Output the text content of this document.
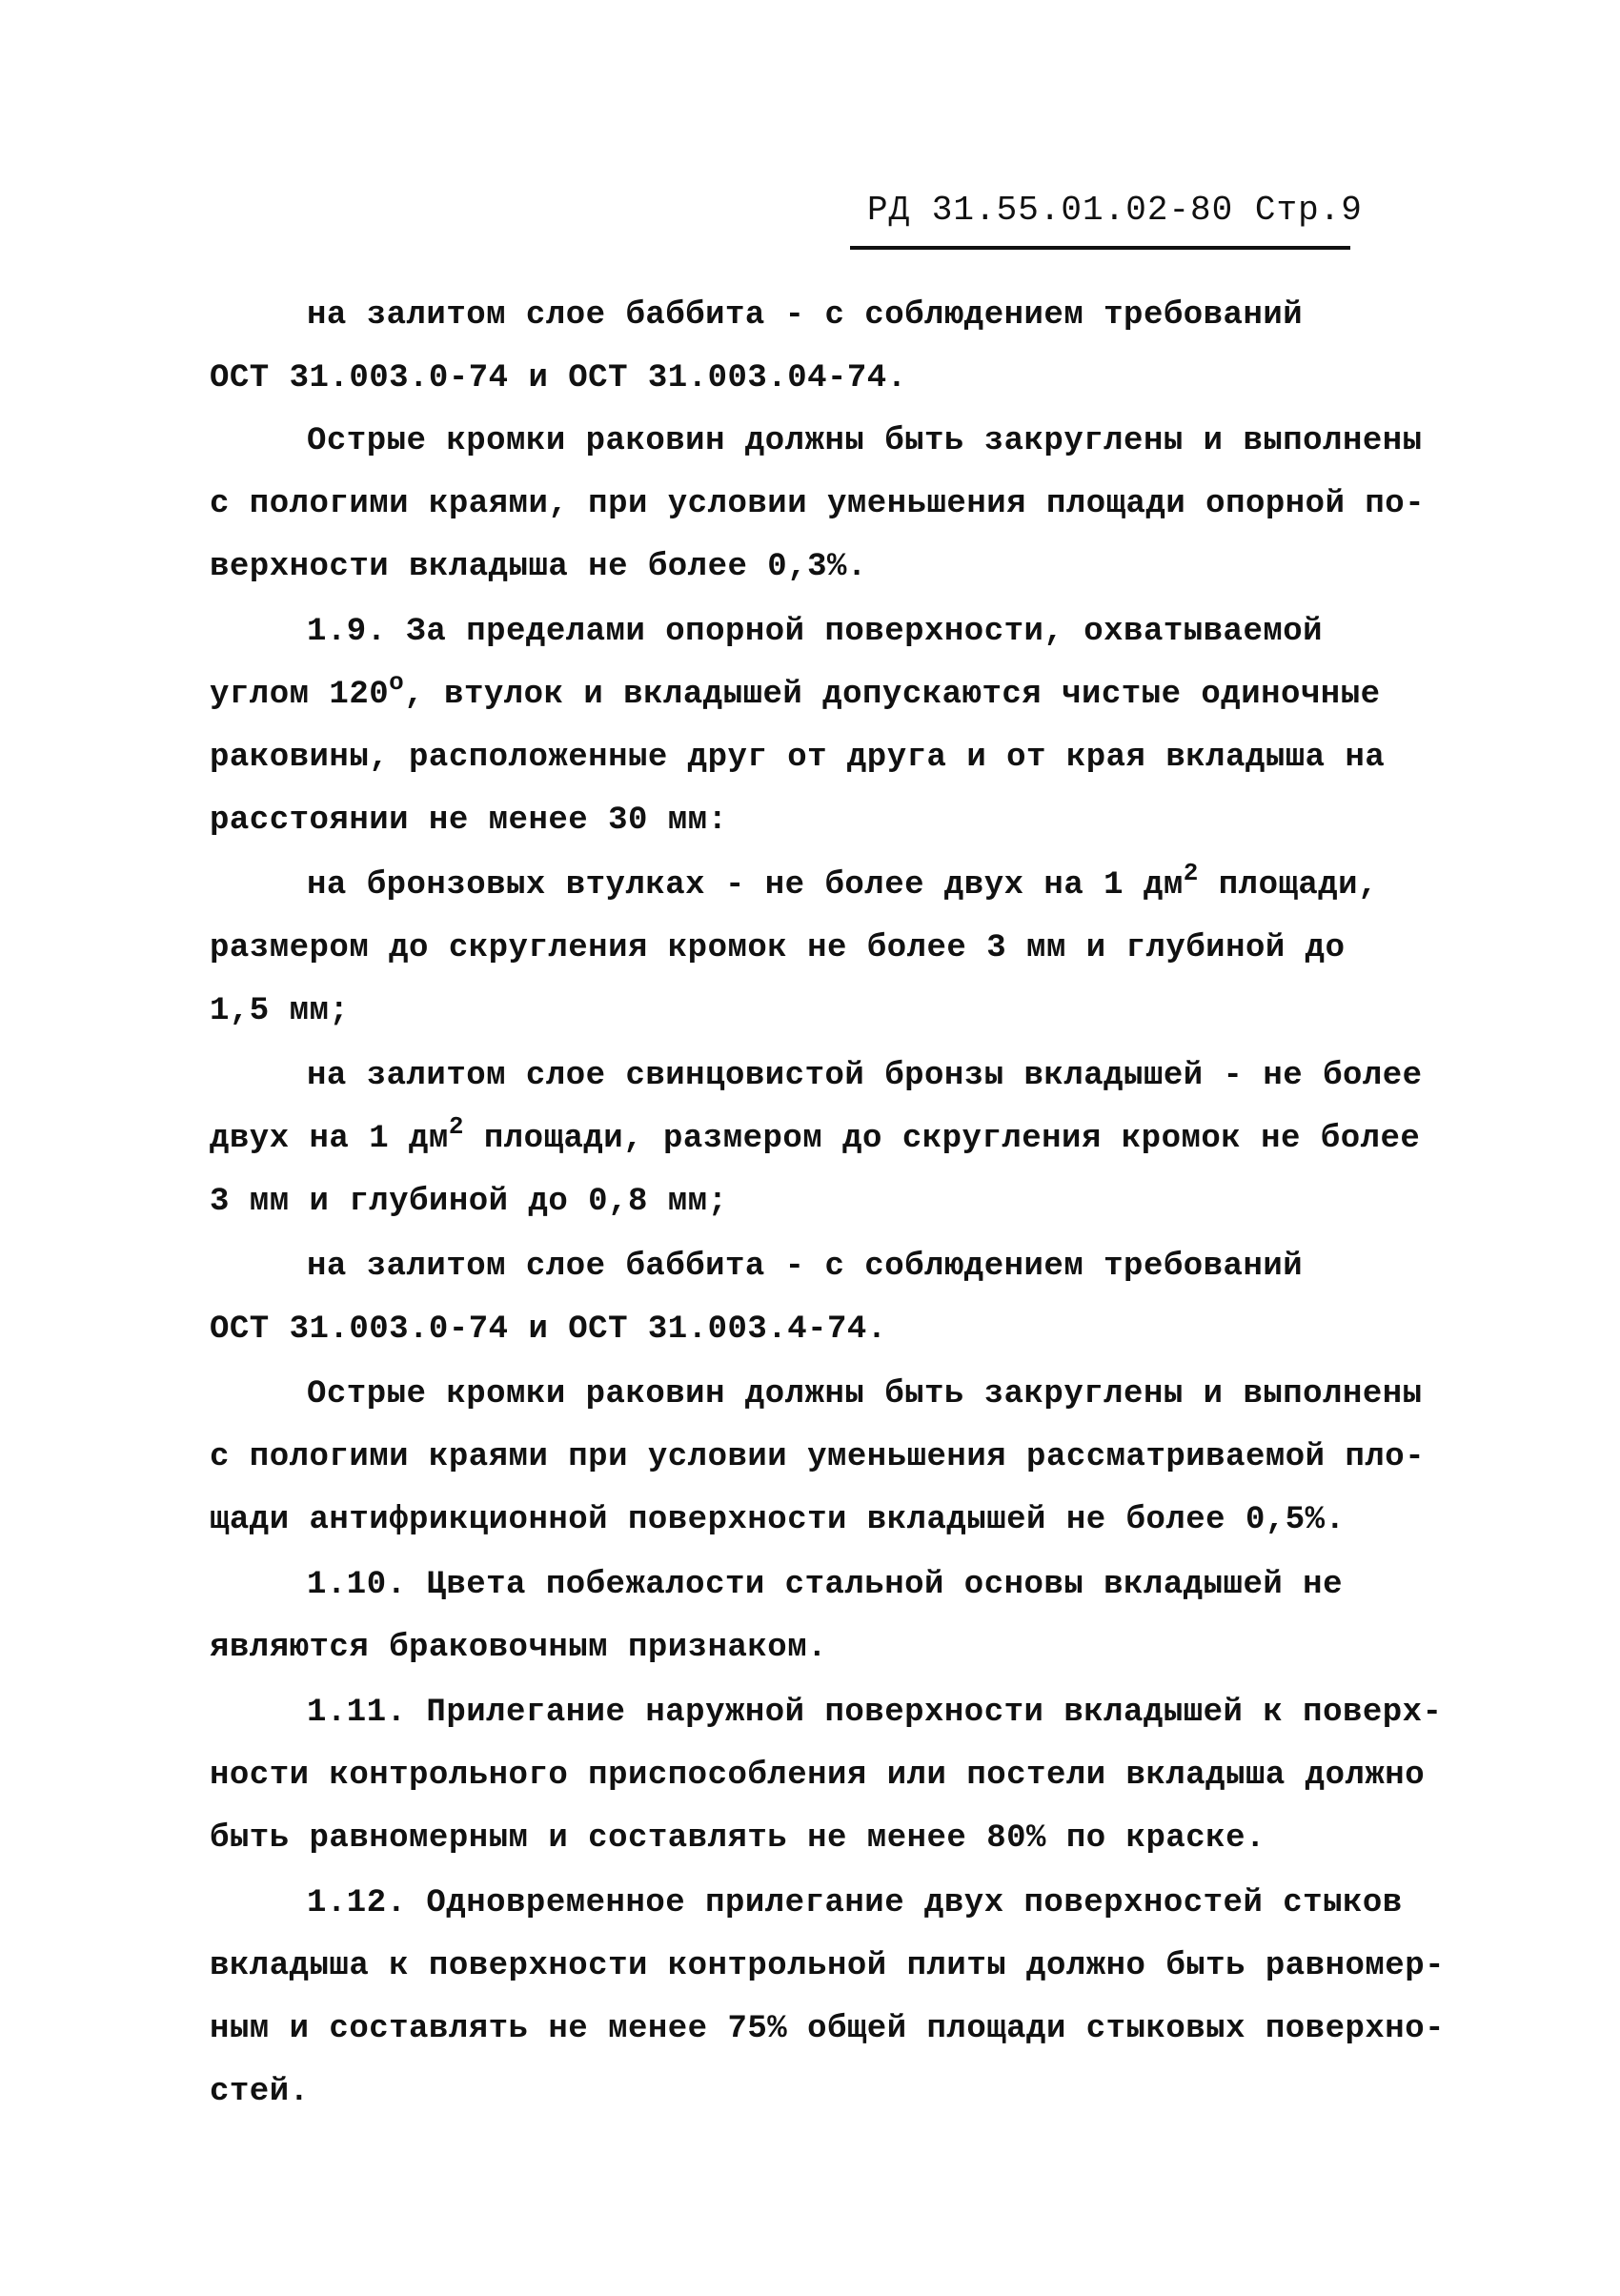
РД 31.55.01.02-80 Стр.9
на залитом слое баббита - с соблюдением требований
ОСТ 31.003.0-74 и ОСТ 31.003.04-74.
Острые кромки раковин должны быть закруглены и выполнены
с пологими краями, при условии уменьшения площади опорной по-
верхности вкладыша не более 0,3%.
1.9. За пределами опорной поверхности, охватываемой
углом $120^о$, втулок и вкладышей допускаются чистые одиночные
раковины, расположенные друг от друга и от края вкладыша на
расстоянии не менее 30 мм:
на бронзовых втулках - не более двух на 1 $дм^2$ площади,
размером до скругления кромок не более 3 мм и глубиной до
1,5 мм;
на залитом слое свинцовистой бронзы вкладышей - не более
двух на 1 $дм^2$ площади, размером до скругления кромок не более
3 мм и глубиной до 0,8 мм;
на залитом слое баббита - с соблюдением требований
ОСТ 31.003.0-74 и ОСТ 31.003.4-74.
Острые кромки раковин должны быть закруглены и выполнены
с пологими краями при условии уменьшения рассматриваемой пло-
щади антифрикционной поверхности вкладышей не более 0,5%.
1.10. Цвета побежалости стальной основы вкладышей не
являются браковочным признаком.
1.11. Прилегание наружной поверхности вкладышей к поверх-
ности контрольного приспособления или постели вкладыша должно
быть равномерным и составлять не менее 80% по краске.
1.12. Одновременное прилегание двух поверхностей стыков
вкладыша к поверхности контрольной плиты должно быть равномер-
ным и составлять не менее 75% общей площади стыковых поверхно-
стей.
